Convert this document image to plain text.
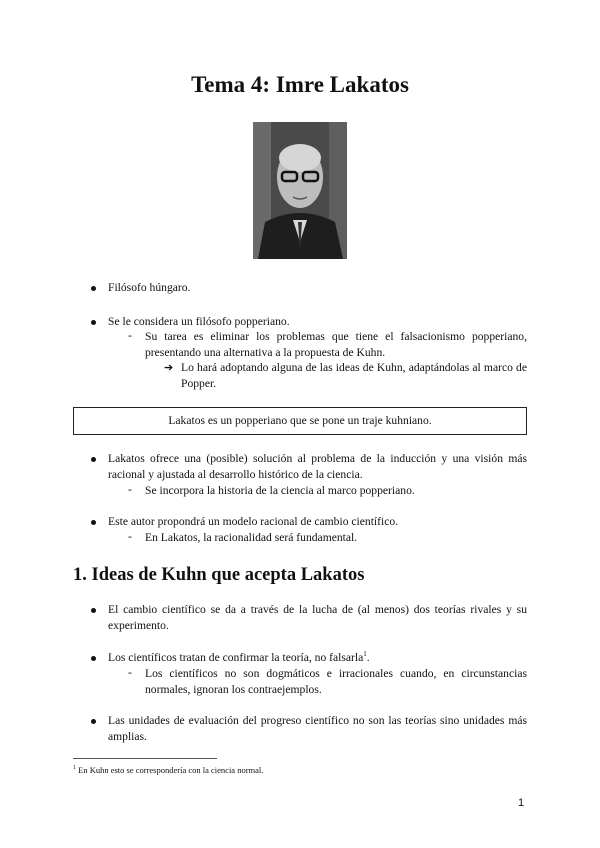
Tema 4: Imre Lakatos
Filósofo húngaro.
Se le considera un filósofo popperiano.
- Su tarea es eliminar los problemas que tiene el falsacionismo popperiano, presentando una alternativa a la propuesta de Kuhn.
➔ Lo hará adoptando alguna de las ideas de Kuhn, adaptándolas al marco de Popper.
Lakatos es un popperiano que se pone un traje kuhniano.
Lakatos ofrece una (posible) solución al problema de la inducción y una visión más racional y ajustada al desarrollo histórico de la ciencia.
- Se incorpora la historia de la ciencia al marco popperiano.
Este autor propondrá un modelo racional de cambio científico.
- En Lakatos, la racionalidad será fundamental.
1. Ideas de Kuhn que acepta Lakatos
El cambio científico se da a través de la lucha de (al menos) dos teorías rivales y su experimento.
Los científicos tratan de confirmar la teoría, no falsarla$^1$.
- Los científicos no son dogmáticos e irracionales cuando, en circunstancias normales, ignoran los contraejemplos.
Las unidades de evaluación del progreso científico no son las teorías sino unidades más amplias.
$^1$ En Kuhn esto se correspondería con la ciencia normal.
1
